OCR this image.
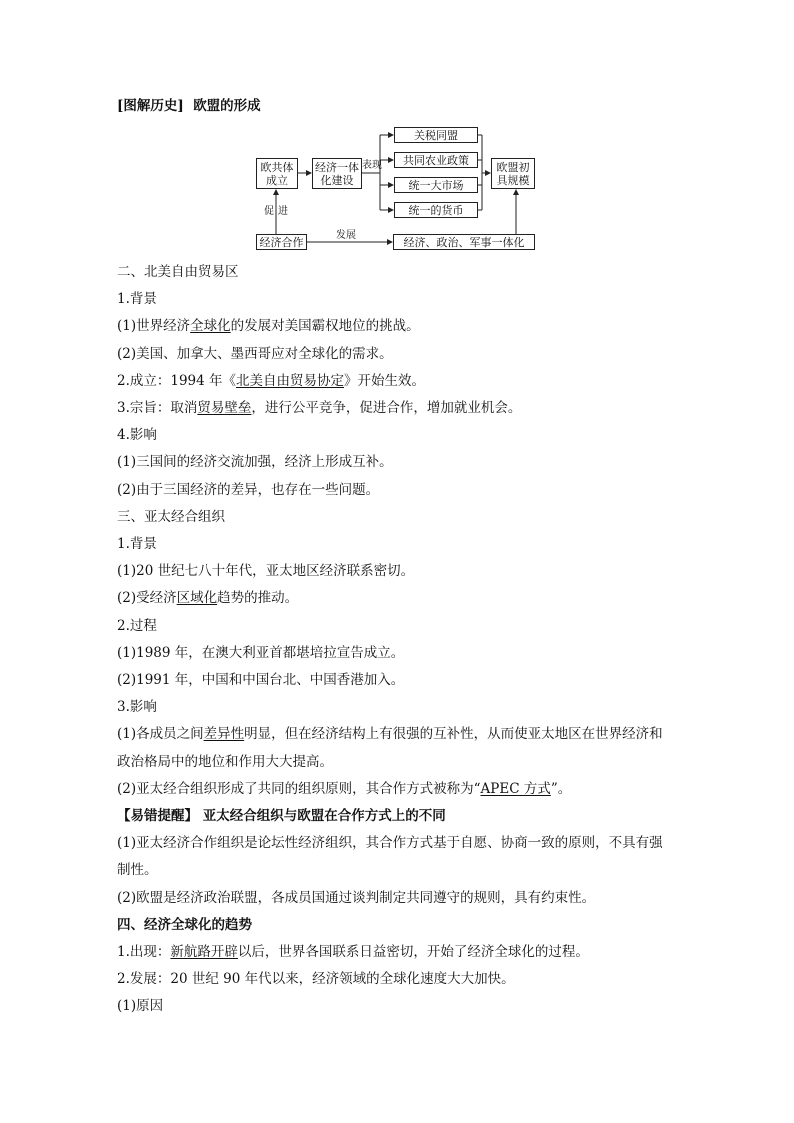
[图解历史] 欧盟的形成
欧共体
成立
经济一体
化建设
表现
关税同盟
共同农业政策
统一大市场
统一的货币
欧盟初
具规模
促进
经济合作	发展	经济、政治、军事一体化
二、北美自由贸易区
1.背景
(1)世界经济全球化的发展对美国霸权地位的挑战。
(2)美国、加拿大、墨西哥应对全球化的需求。
2.成立：1994 年《北美自由贸易协定》开始生效。
3.宗旨：取消贸易壁垒，进行公平竞争，促进合作，增加就业机会。
4.影响
(1)三国间的经济交流加强，经济上形成互补。
(2)由于三国经济的差异，也存在一些问题。
三、亚太经合组织
1.背景
(1)20 世纪七八十年代，亚太地区经济联系密切。
(2)受经济区域化趋势的推动。
2.过程
(1)1989 年，在澳大利亚首都堪培拉宣告成立。
(2)1991 年，中国和中国台北、中国香港加入。
3.影响
(1)各成员之间差异性明显，但在经济结构上有很强的互补性，从而使亚太地区在世界经济和
政治格局中的地位和作用大大提高。
(2)亚太经合组织形成了共同的组织原则，其合作方式被称为“APEC 方式”。
【易错提醒】 亚太经合组织与欧盟在合作方式上的不同
(1)亚太经济合作组织是论坛性经济组织，其合作方式基于自愿、协商一致的原则，不具有强
制性。
(2)欧盟是经济政治联盟，各成员国通过谈判制定共同遵守的规则，具有约束性。
四、经济全球化的趋势
1.出现：新航路开辟以后，世界各国联系日益密切，开始了经济全球化的过程。
2.发展：20 世纪 90 年代以来，经济领域的全球化速度大大加快。
(1)原因
